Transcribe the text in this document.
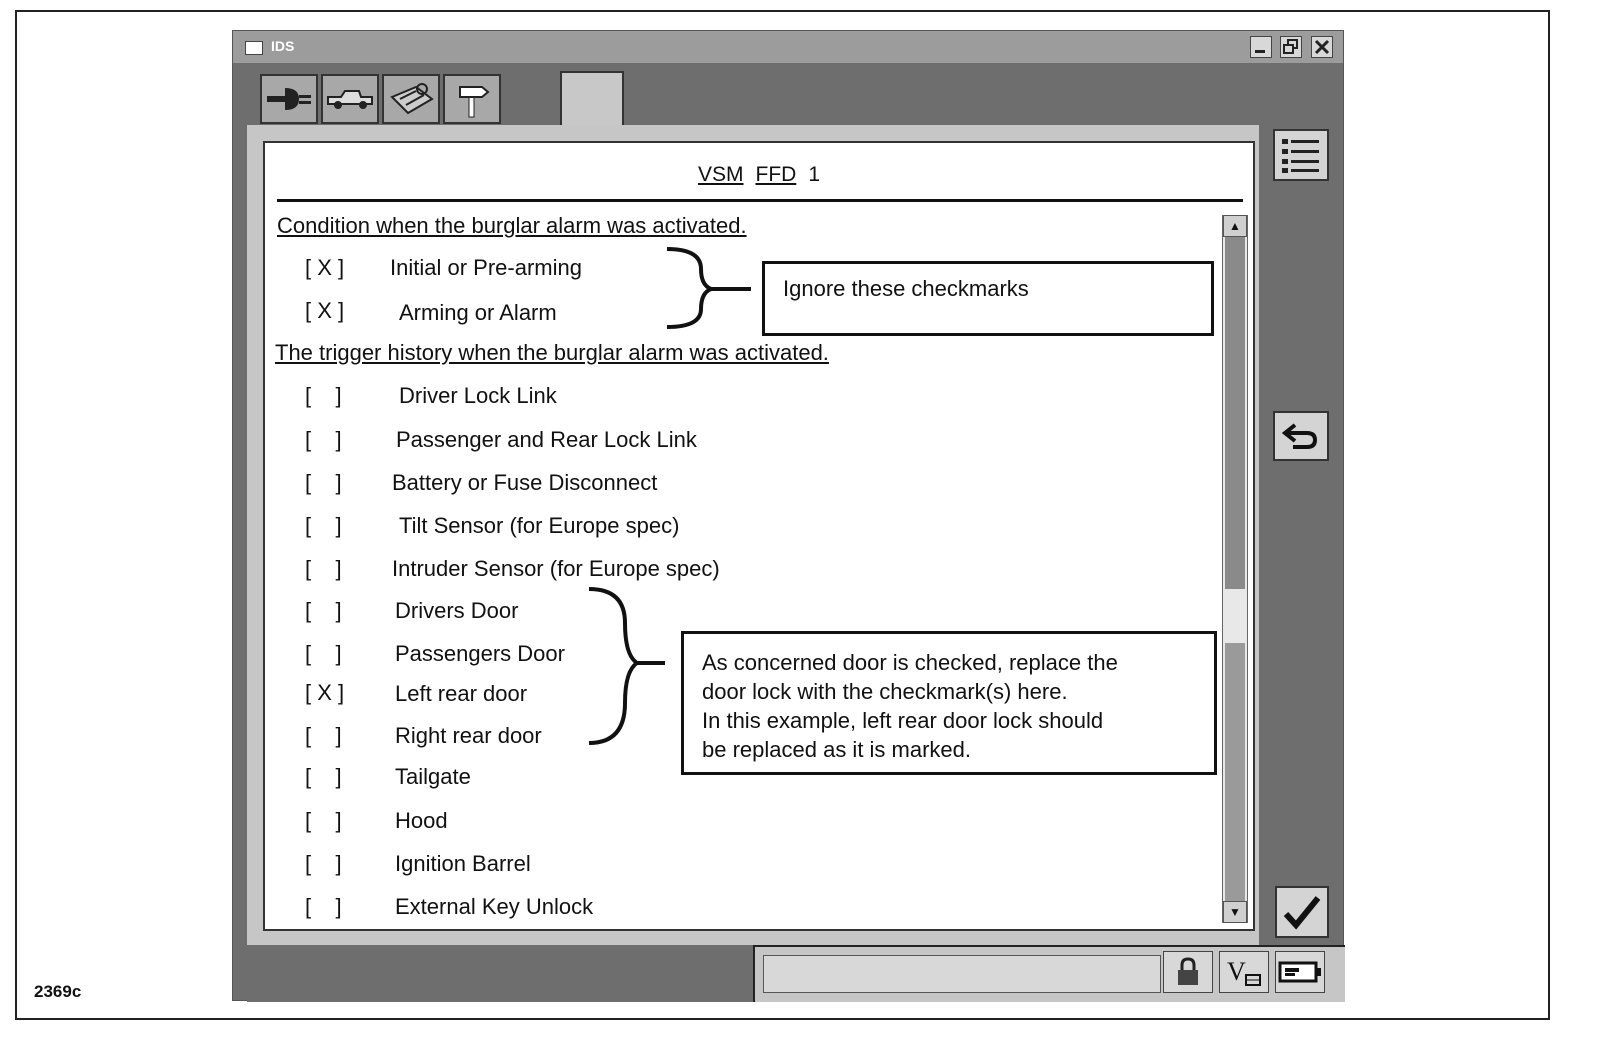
2369c
IDS
VSM FFD 1
Condition when the burglar alarm was activated.
[ X ] Initial or Pre-arming
[ X ] Arming or Alarm
The trigger history when the burglar alarm was activated.
[    ]	Driver Lock Link
[    ] Passenger and Rear Lock Link
[    ] Battery or Fuse Disconnect
[    ]	Tilt Sensor (for Europe spec)
[    ] Intruder Sensor (for Europe spec)
[    ] Drivers Door
[    ] Passengers Door
[ X ] Left rear door
[    ] Right rear door
[    ] Tailgate
[    ] Hood
[    ] Ignition Barrel
[    ] External Key Unlock
Ignore these checkmarks
As concerned door is checked, replace the
door lock with the checkmark(s) here.
In this example, left rear door lock should
be replaced as it is marked.
▲
▼
V
